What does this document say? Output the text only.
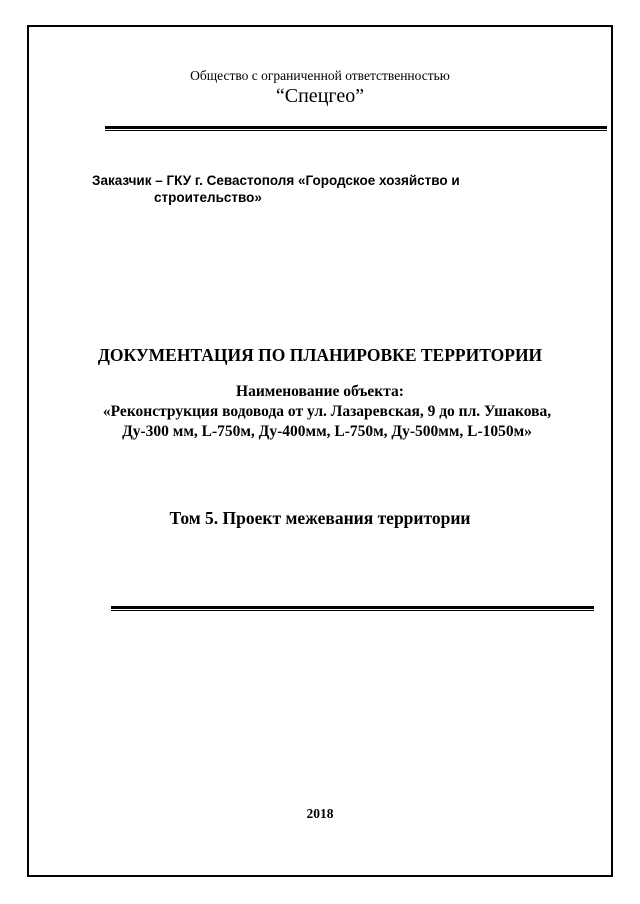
Общество с ограниченной ответственностью
“Спецгео”
Заказчик – ГКУ г. Севастополя «Городское хозяйство и
строительство»
ДОКУМЕНТАЦИЯ ПО ПЛАНИРОВКЕ ТЕРРИТОРИИ
Наименование объекта:
«Реконструкция водовода от ул. Лазаревская, 9 до пл. Ушакова,
Ду-300 мм, L-750м, Ду-400мм, L-750м, Ду-500мм, L-1050м»
Том 5. Проект межевания территории
2018
